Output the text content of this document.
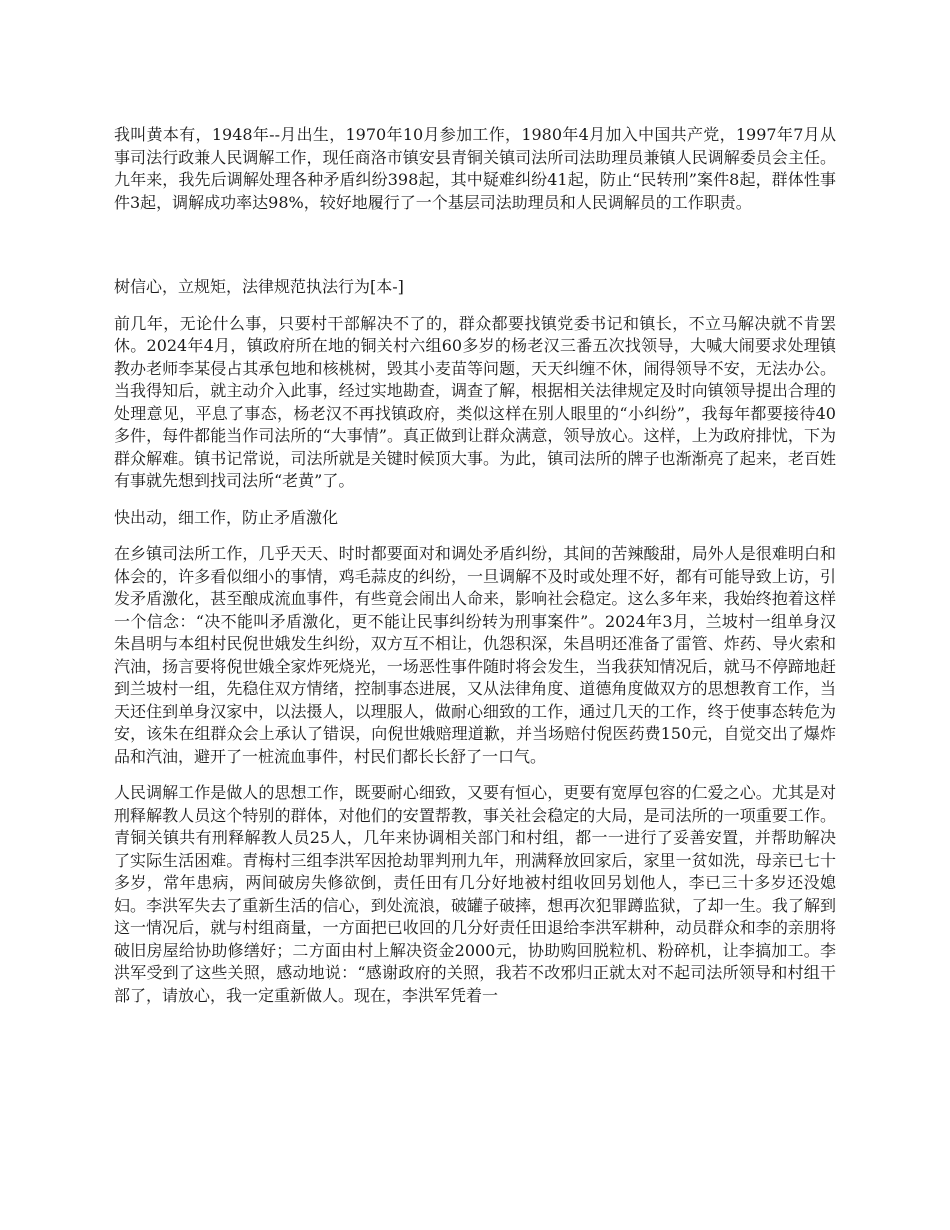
我叫黄本有，1948年--月出生，1970年10月参加工作，1980年4月加入中国共产党，1997年7月从事司法行政兼人民调解工作，现任商洛市镇安县青铜关镇司法所司法助理员兼镇人民调解委员会主任。九年来，我先后调解处理各种矛盾纠纷398起，其中疑难纠纷41起，防止“民转刑”案件8起，群体性事件3起，调解成功率达98%，较好地履行了一个基层司法助理员和人民调解员的工作职责。

树信心，立规矩，法律规范执法行为[本-]

前几年，无论什么事，只要村干部解决不了的，群众都要找镇党委书记和镇长，不立马解决就不肯罢休。2024年4月，镇政府所在地的铜关村六组60多岁的杨老汉三番五次找领导，大喊大闹要求处理镇教办老师李某侵占其承包地和核桃树，毁其小麦苗等问题，天天纠缠不休，闹得领导不安，无法办公。当我得知后，就主动介入此事，经过实地勘查，调查了解，根据相关法律规定及时向镇领导提出合理的处理意见，平息了事态，杨老汉不再找镇政府，类似这样在别人眼里的“小纠纷”，我每年都要接待40多件，每件都能当作司法所的“大事情”。真正做到让群众满意，领导放心。这样，上为政府排忧，下为群众解难。镇书记常说，司法所就是关键时候顶大事。为此，镇司法所的牌子也渐渐亮了起来，老百姓有事就先想到找司法所“老黄”了。

快出动，细工作，防止矛盾激化

在乡镇司法所工作，几乎天天、时时都要面对和调处矛盾纠纷，其间的苦辣酸甜，局外人是很难明白和体会的，许多看似细小的事情，鸡毛蒜皮的纠纷，一旦调解不及时或处理不好，都有可能导致上访，引发矛盾激化，甚至酿成流血事件，有些竟会闹出人命来，影响社会稳定。这么多年来，我始终抱着这样一个信念：“决不能叫矛盾激化，更不能让民事纠纷转为刑事案件”。2024年3月，兰坡村一组单身汉朱昌明与本组村民倪世娥发生纠纷，双方互不相让，仇怨积深，朱昌明还准备了雷管、炸药、导火索和汽油，扬言要将倪世娥全家炸死烧光，一场恶性事件随时将会发生，当我获知情况后，就马不停蹄地赶到兰坡村一组，先稳住双方情绪，控制事态进展，又从法律角度、道德角度做双方的思想教育工作，当天还住到单身汉家中，以法摄人，以理服人，做耐心细致的工作，通过几天的工作，终于使事态转危为安，该朱在组群众会上承认了错误，向倪世娥赔理道歉，并当场赔付倪医药费150元，自觉交出了爆炸品和汽油，避开了一桩流血事件，村民们都长长舒了一口气。

人民调解工作是做人的思想工作，既要耐心细致，又要有恒心，更要有宽厚包容的仁爱之心。尤其是对刑释解教人员这个特别的群体，对他们的安置帮教，事关社会稳定的大局，是司法所的一项重要工作。青铜关镇共有刑释解教人员25人，几年来协调相关部门和村组，都一一进行了妥善安置，并帮助解决了实际生活困难。青梅村三组李洪军因抢劫罪判刑九年，刑满释放回家后，家里一贫如洗，母亲已七十多岁，常年患病，两间破房失修欲倒，责任田有几分好地被村组收回另划他人，李已三十多岁还没媳妇。李洪军失去了重新生活的信心，到处流浪，破罐子破摔，想再次犯罪蹲监狱，了却一生。我了解到这一情况后，就与村组商量，一方面把已收回的几分好责任田退给李洪军耕种，动员群众和李的亲朋将破旧房屋给协助修缮好；二方面由村上解决资金2000元，协助购回脱粒机、粉碎机，让李搞加工。李洪军受到了这些关照，感动地说：“感谢政府的关照，我若不改邪归正就太对不起司法所领导和村组干部了，请放心，我一定重新做人。现在，李洪军凭着一
